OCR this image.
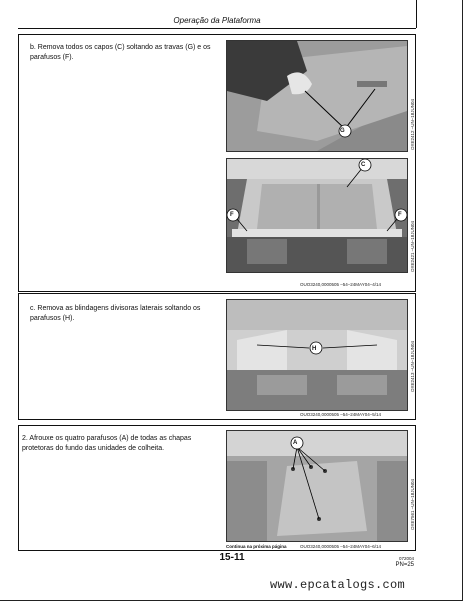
Operação da Plataforma
b. Remova todos os capos (C) soltando as travas (G) e os parafusos (F).
G	OXE2412 –UN–18JUN04
C
F	F
OXE2421 –UN–18JUN04
OUO3240,0000505 –54–24MAY04–4/14
c. Remova as blindagens divisoras laterais soltando os parafusos (H).
H	OXE2413 –UN–18JUN04
OUO3240,0000505 –54–24MAY04–5/14
2. Afrouxe os quatro parafusos (A) de todas as chapas protetoras do fundo das unidades de colheita.
A
OXE7561 –UN–18JUN04
Continua na próxima página	OUO3240,0000505 –54–24MAY04–6/14
15-11	072004
PN=25
www.epcatalogs.com
